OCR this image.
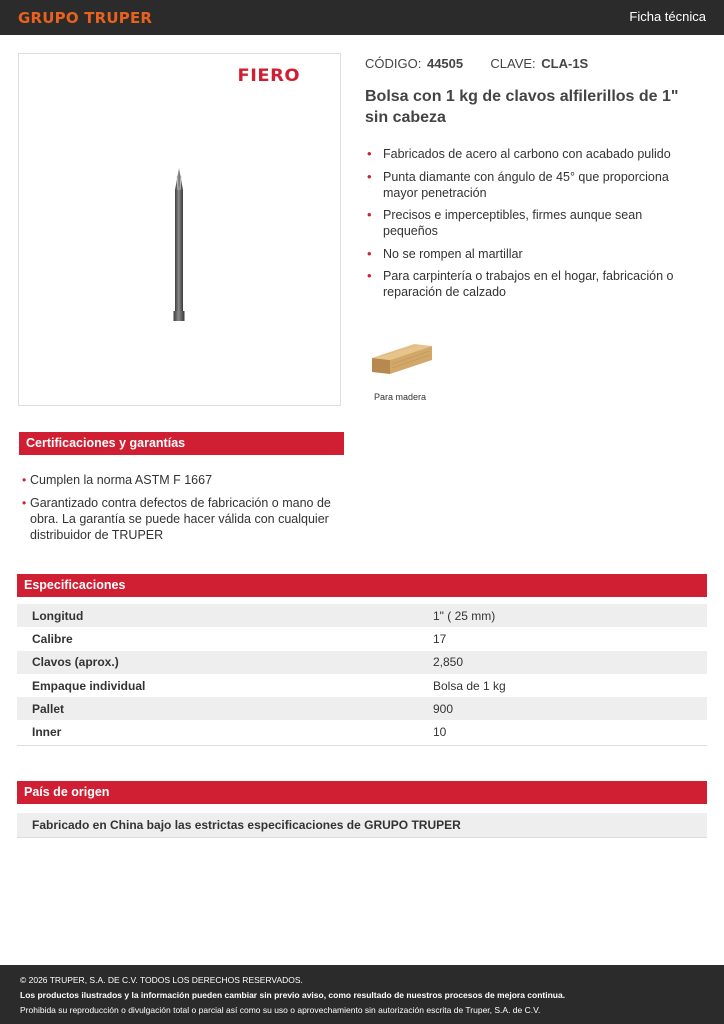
GRUPO TRUPER	Ficha técnica
FIERO
CÓDIGO: 44505 CLAVE: CLA-1S
Bolsa con 1 kg de clavos alfilerillos de 1" sin cabeza
• Fabricados de acero al carbono con acabado pulido
• Punta diamante con ángulo de 45° que proporciona mayor penetración
• Precisos e imperceptibles, firmes aunque sean pequeños
• No se rompen al martillar
• Para carpintería o trabajos en el hogar, fabricación o reparación de calzado
Para madera
Certificaciones y garantías
• Cumplen la norma ASTM F 1667
• Garantizado contra defectos de fabricación o mano de obra. La garantía se puede hacer válida con cualquier distribuidor de TRUPER
Especificaciones
Longitud	1" ( 25 mm)
Calibre	17
Clavos (aprox.)	2,850
Empaque individual	Bolsa de 1 kg
Pallet	900
Inner	10
País de origen
Fabricado en China bajo las estrictas especificaciones de GRUPO TRUPER
© 2026 TRUPER, S.A. DE C.V. TODOS LOS DERECHOS RESERVADOS.
Los productos ilustrados y la información pueden cambiar sin previo aviso, como resultado de nuestros procesos de mejora continua.
Prohibida su reproducción o divulgación total o parcial así como su uso o aprovechamiento sin autorización escrita de Truper, S.A. de C.V.
